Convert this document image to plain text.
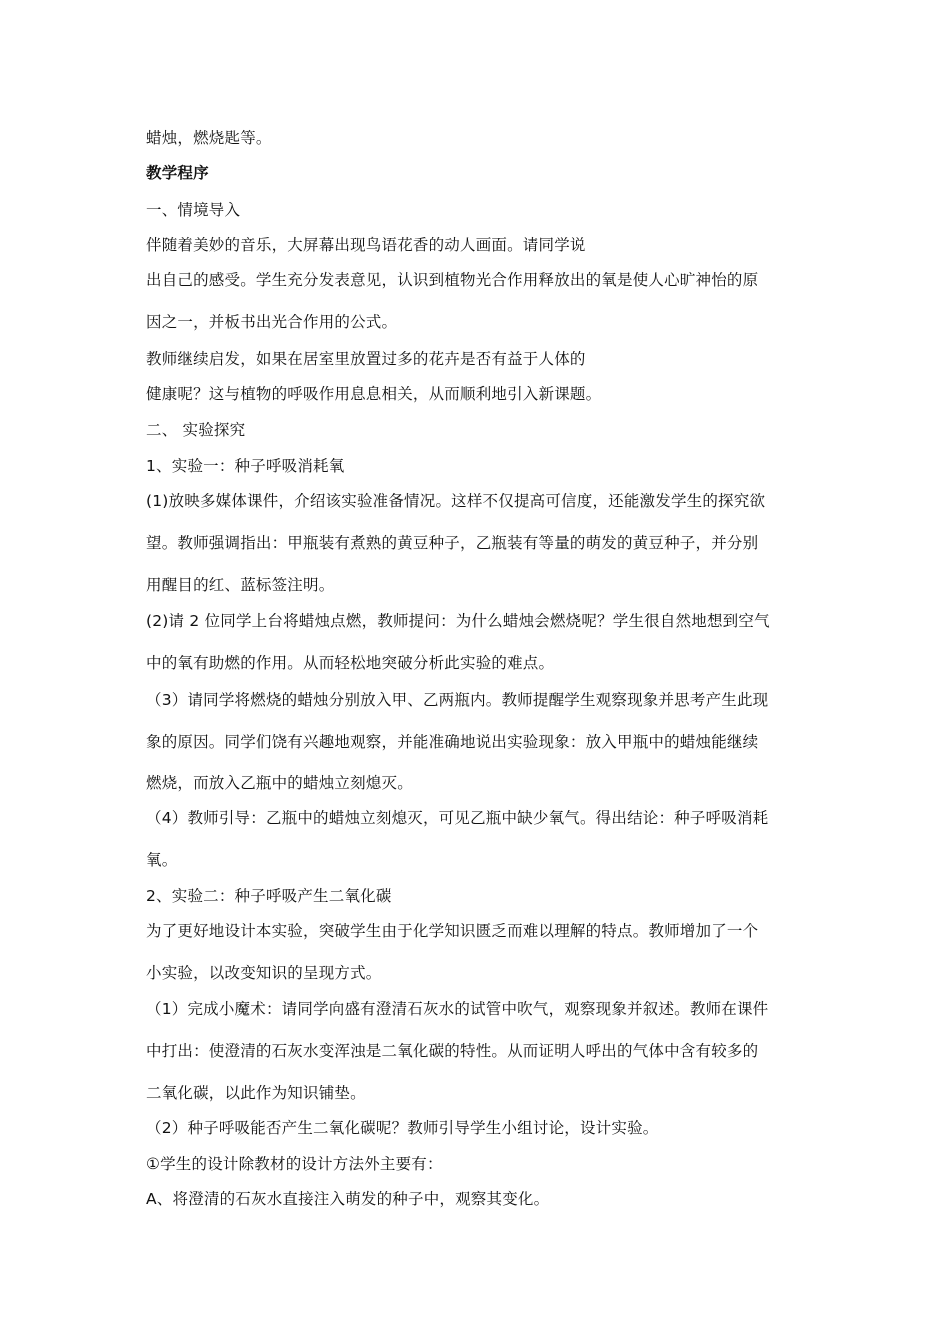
蜡烛，燃烧匙等。
教学程序
一、情境导入
伴随着美妙的音乐，大屏幕出现鸟语花香的动人画面。请同学说
出自己的感受。学生充分发表意见，认识到植物光合作用释放出的氧是使人心旷神怡的原
因之一，并板书出光合作用的公式。
教师继续启发，如果在居室里放置过多的花卉是否有益于人体的
健康呢？这与植物的呼吸作用息息相关，从而顺利地引入新课题。
二、 实验探究
1、实验一：种子呼吸消耗氧
(1)放映多媒体课件，介绍该实验准备情况。这样不仅提高可信度，还能激发学生的探究欲
望。教师强调指出：甲瓶装有煮熟的黄豆种子，乙瓶装有等量的萌发的黄豆种子，并分别
用醒目的红、蓝标签注明。
(2)请 2 位同学上台将蜡烛点燃，教师提问：为什么蜡烛会燃烧呢？学生很自然地想到空气
中的氧有助燃的作用。从而轻松地突破分析此实验的难点。
（3）请同学将燃烧的蜡烛分别放入甲、乙两瓶内。教师提醒学生观察现象并思考产生此现
象的原因。同学们饶有兴趣地观察，并能准确地说出实验现象：放入甲瓶中的蜡烛能继续
燃烧，而放入乙瓶中的蜡烛立刻熄灭。
（4）教师引导：乙瓶中的蜡烛立刻熄灭，可见乙瓶中缺少氧气。得出结论：种子呼吸消耗
氧。
2、实验二：种子呼吸产生二氧化碳
为了更好地设计本实验，突破学生由于化学知识匮乏而难以理解的特点。教师增加了一个
小实验，以改变知识的呈现方式。
（1）完成小魔术：请同学向盛有澄清石灰水的试管中吹气，观察现象并叙述。教师在课件
中打出：使澄清的石灰水变浑浊是二氧化碳的特性。从而证明人呼出的气体中含有较多的
二氧化碳，以此作为知识铺垫。
（2）种子呼吸能否产生二氧化碳呢？教师引导学生小组讨论，设计实验。
①学生的设计除教材的设计方法外主要有：
A、将澄清的石灰水直接注入萌发的种子中，观察其变化。
